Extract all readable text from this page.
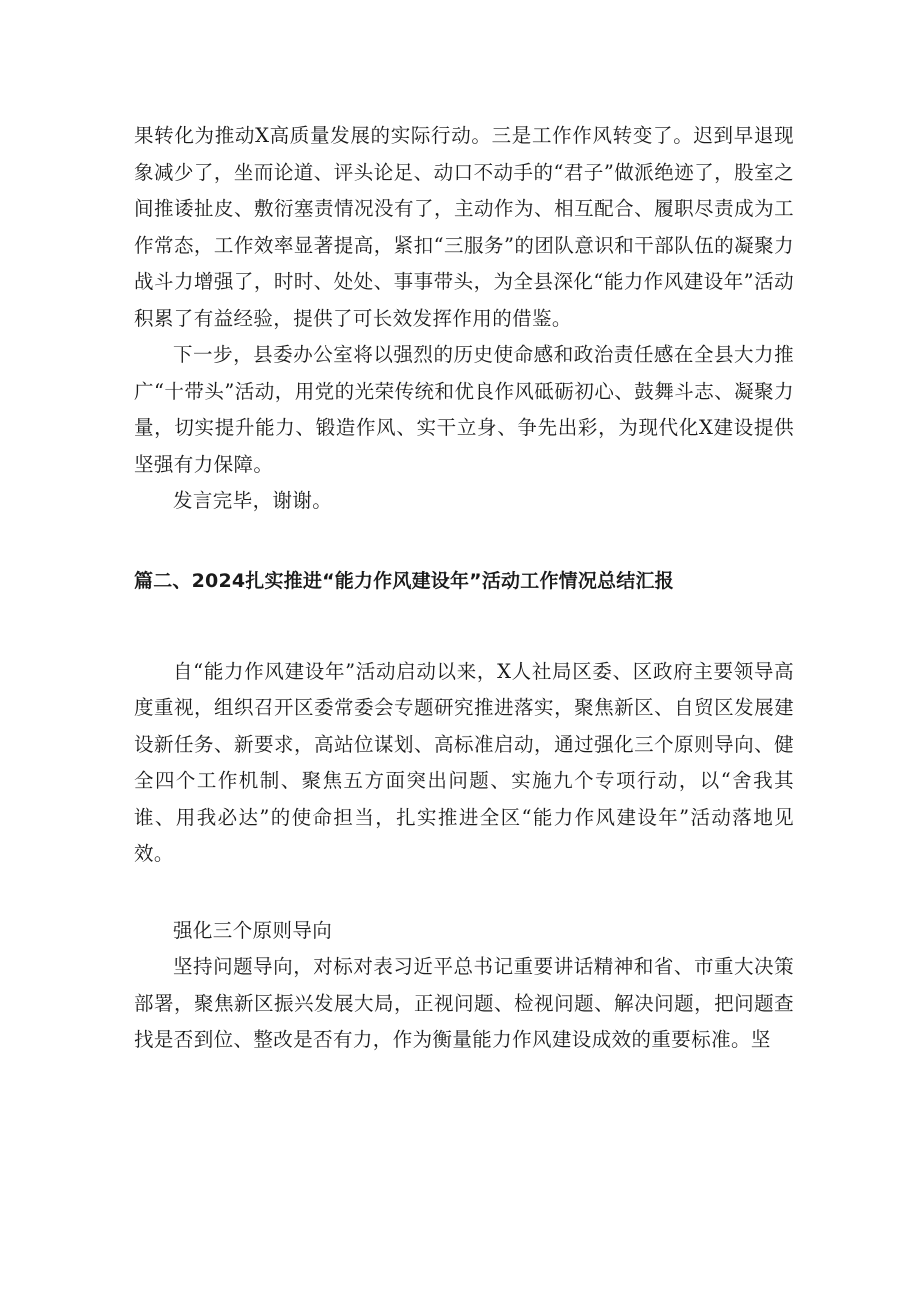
果转化为推动X高质量发展的实际行动。三是工作作风转变了。迟到早退现象减少了，坐而论道、评头论足、动口不动手的“君子”做派绝迹了，股室之间推诿扯皮、敷衍塞责情况没有了，主动作为、相互配合、履职尽责成为工作常态，工作效率显著提高，紧扣“三服务”的团队意识和干部队伍的凝聚力战斗力增强了，时时、处处、事事带头，为全县深化“能力作风建设年”活动积累了有益经验，提供了可长效发挥作用的借鉴。

下一步，县委办公室将以强烈的历史使命感和政治责任感在全县大力推广“十带头”活动，用党的光荣传统和优良作风砥砺初心、鼓舞斗志、凝聚力量，切实提升能力、锻造作风、实干立身、争先出彩，为现代化X建设提供坚强有力保障。

发言完毕，谢谢。

篇二、2024扎实推进“能力作风建设年”活动工作情况总结汇报

自“能力作风建设年”活动启动以来，X人社局区委、区政府主要领导高度重视，组织召开区委常委会专题研究推进落实，聚焦新区、自贸区发展建设新任务、新要求，高站位谋划、高标准启动，通过强化三个原则导向、健全四个工作机制、聚焦五方面突出问题、实施九个专项行动，以“舍我其谁、用我必达”的使命担当，扎实推进全区“能力作风建设年”活动落地见效。

强化三个原则导向

坚持问题导向，对标对表习近平总书记重要讲话精神和省、市重大决策部署，聚焦新区振兴发展大局，正视问题、检视问题、解决问题，把问题查找是否到位、整改是否有力，作为衡量能力作风建设成效的重要标准。坚
